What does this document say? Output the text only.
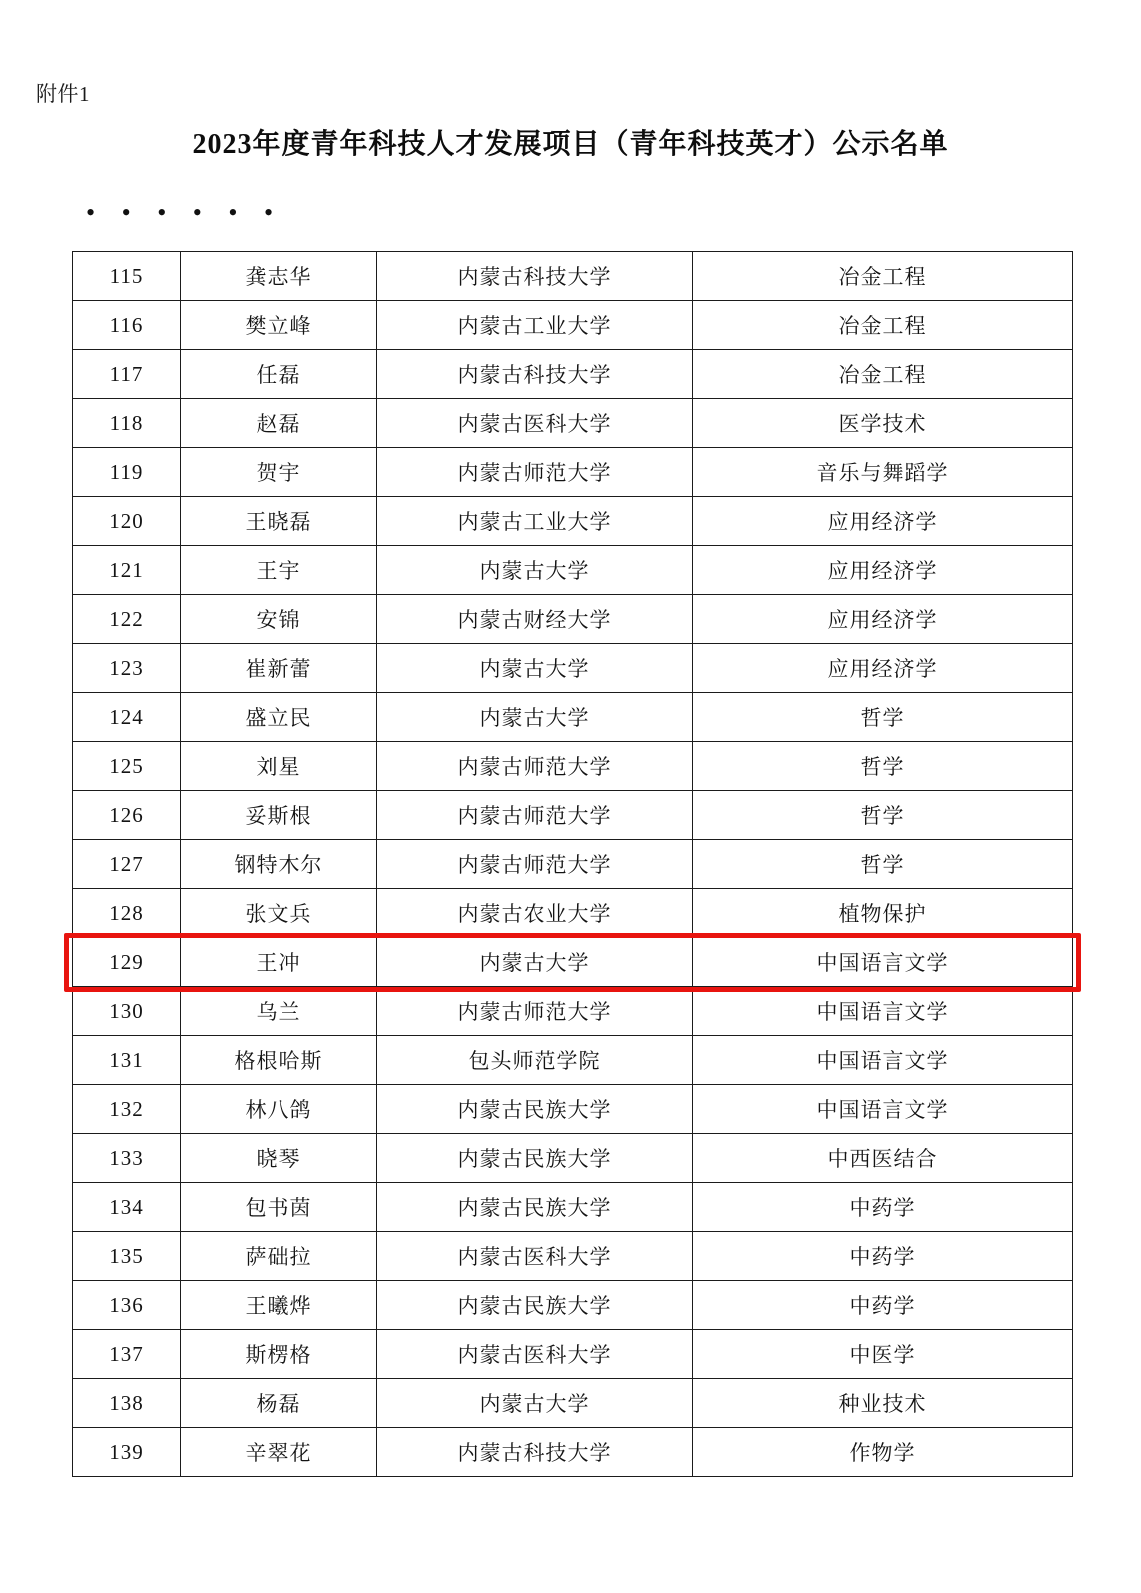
附件1
2023年度青年科技人才发展项目（青年科技英才）公示名单
• • • • • •
115	龚志华	内蒙古科技大学	冶金工程
116	樊立峰	内蒙古工业大学	冶金工程
117	任磊	内蒙古科技大学	冶金工程
118	赵磊	内蒙古医科大学	医学技术
119	贺宇	内蒙古师范大学	音乐与舞蹈学
120	王晓磊	内蒙古工业大学	应用经济学
121	王宇	内蒙古大学	应用经济学
122	安锦	内蒙古财经大学	应用经济学
123	崔新蕾	内蒙古大学	应用经济学
124	盛立民	内蒙古大学	哲学
125	刘星	内蒙古师范大学	哲学
126	妥斯根	内蒙古师范大学	哲学
127	钢特木尔	内蒙古师范大学	哲学
128	张文兵	内蒙古农业大学	植物保护
129	王冲	内蒙古大学	中国语言文学
130	乌兰	内蒙古师范大学	中国语言文学
131	格根哈斯	包头师范学院	中国语言文学
132	林八鸽	内蒙古民族大学	中国语言文学
133	晓琴	内蒙古民族大学	中西医结合
134	包书茵	内蒙古民族大学	中药学
135	萨础拉	内蒙古医科大学	中药学
136	王曦烨	内蒙古民族大学	中药学
137	斯楞格	内蒙古医科大学	中医学
138	杨磊	内蒙古大学	种业技术
139	辛翠花	内蒙古科技大学	作物学
